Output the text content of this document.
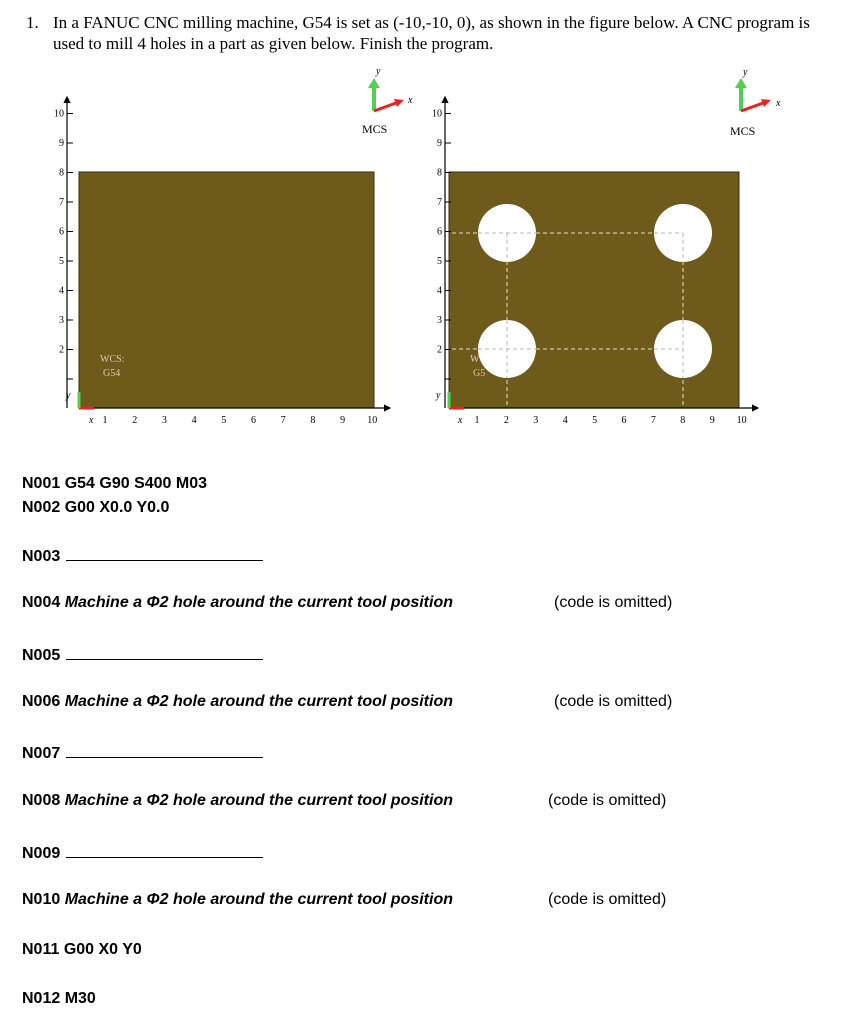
1. In a FANUC CNC milling machine, G54 is set as (-10,-10, 0), as shown in the figure below. A CNC program is used to mill 4 holes in a part as given below. Finish the program.
2
3
4
5
6
7
8
9
10
1 2 3 4 5 6 7 8 9 10
x
y
WCS:
G54
y
x
MCS
2
3
4
5
6
7
8
9
10
1 2 3 4 5 6 7 8 9 10
x
y
W
G5
y
x
MCS
N001 G54 G90 S400 M03
N002 G00 X0.0 Y0.0
N003
N004 Machine a Φ2 hole around the current tool position	(code is omitted)
N005
N006 Machine a Φ2 hole around the current tool position	(code is omitted)
N007
N008 Machine a Φ2 hole around the current tool position	(code is omitted)
N009
N010 Machine a Φ2 hole around the current tool position	(code is omitted)
N011 G00 X0 Y0
N012 M30
